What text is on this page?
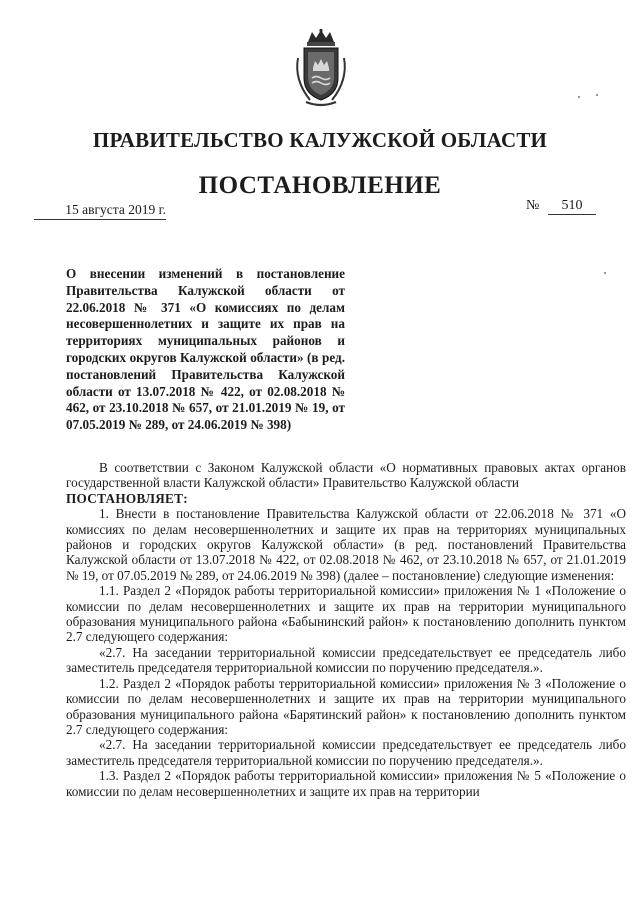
ПРАВИТЕЛЬСТВО КАЛУЖСКОЙ ОБЛАСТИ
ПОСТАНОВЛЕНИЕ
15 августа 2019 г.	№ 510
О внесении изменений в постановление Правительства Калужской области от 22.06.2018 № 371 «О комиссиях по делам несовершеннолетних и защите их прав на территориях муниципальных районов и городских округов Калужской области» (в ред. постановлений Правительства Калужской области от 13.07.2018 № 422, от 02.08.2018 № 462, от 23.10.2018 № 657, от 21.01.2019 № 19, от 07.05.2019 № 289, от 24.06.2019 № 398)

В соответствии с Законом Калужской области «О нормативных правовых актах органов государственной власти Калужской области» Правительство Калужской области

ПОСТАНОВЛЯЕТ:

1. Внести в постановление Правительства Калужской области от 22.06.2018 № 371 «О комиссиях по делам несовершеннолетних и защите их прав на территориях муниципальных районов и городских округов Калужской области» (в ред. постановлений Правительства Калужской области от 13.07.2018 № 422, от 02.08.2018 № 462, от 23.10.2018 № 657, от 21.01.2019 № 19, от 07.05.2019 № 289, от 24.06.2019 № 398) (далее – постановление) следующие изменения:

1.1. Раздел 2 «Порядок работы территориальной комиссии» приложения № 1 «Положение о комиссии по делам несовершеннолетних и защите их прав на территории муниципального образования муниципального района «Бабынинский район» к постановлению дополнить пунктом 2.7 следующего содержания:

«2.7. На заседании территориальной комиссии председательствует ее председатель либо заместитель председателя территориальной комиссии по поручению председателя.».

1.2. Раздел 2 «Порядок работы территориальной комиссии» приложения № 3 «Положение о комиссии по делам несовершеннолетних и защите их прав на территории муниципального образования муниципального района «Барятинский район» к постановлению дополнить пунктом 2.7 следующего содержания:

«2.7. На заседании территориальной комиссии председательствует ее председатель либо заместитель председателя территориальной комиссии по поручению председателя.».

1.3. Раздел 2 «Порядок работы территориальной комиссии» приложения № 5 «Положение о комиссии по делам несовершеннолетних и защите их прав на территории
